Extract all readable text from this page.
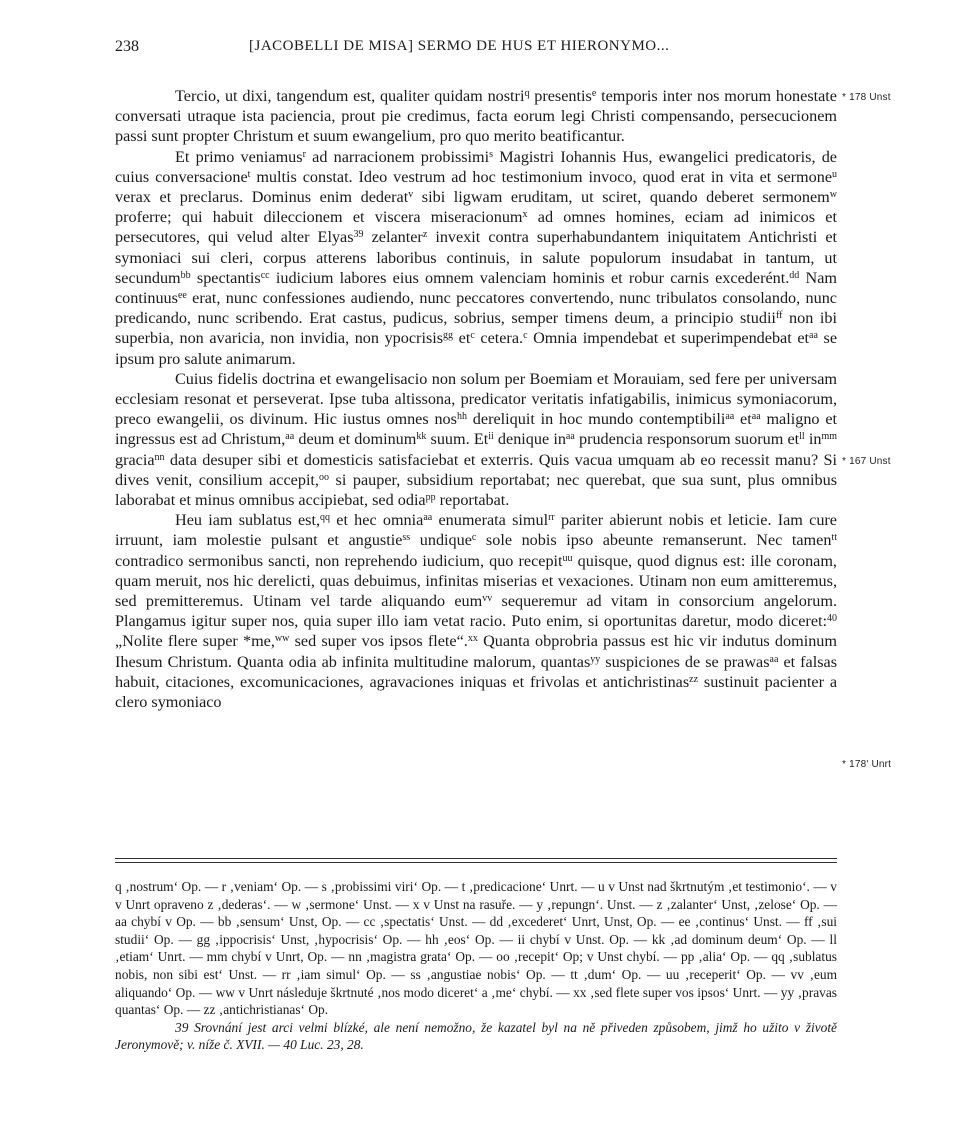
238	[JACOBELLI DE MISA] SERMO DE HUS ET HIERONYMO...
* 178 Unst
* 167 Unst
* 178' Unrt

Tercio, ut dixi, tangendum est, qualiter quidam nostri$^q$ presentis$^e$ temporis inter nos morum honestate conversati utraque ista paciencia, prout pie credimus, facta eorum legi Christi compensando, persecucionem passi sunt propter Christum et suum ewangelium, pro quo merito beatificantur.

Et primo veniamus$^r$ ad narracionem probissimi$^s$ Magistri Iohannis Hus, ewangelici predicatoris, de cuius conversacione$^t$ multis constat. Ideo vestrum ad hoc testimonium invoco, quod erat in vita et sermone$^u$ verax et preclarus. Dominus enim dederat$^v$ sibi ligwam eruditam, ut sciret, quando deberet sermonem$^w$ proferre; qui habuit dileccionem et viscera miseracionum$^x$ ad omnes homines, eciam ad inimicos et persecutores, qui velud alter Elyas$^{39}$ zelanter$^z$ invexit contra superhabundantem iniquitatem Antichristi et symoniaci sui cleri, corpus atterens laboribus continuis, in salute populorum insudabat in tantum, ut secundum$^{bb}$ spectantis$^{cc}$ iudicium labores eius omnem valenciam hominis et robur carnis excederént.$^{dd}$ Nam continuus$^{ee}$ erat, nunc confessiones audiendo, nunc peccatores convertendo, nunc tribulatos consolando, nunc predicando, nunc scribendo. Erat castus, pudicus, sobrius, semper timens deum, a principio studii$^{ff}$ non ibi superbia, non avaricia, non invidia, non ypocrisis$^{gg}$ $et^c$ cetera.$^c$ Omnia impendebat et superimpendebat $et^{aa}$ se ipsum pro salute animarum.

Cuius fidelis doctrina et ewangelisacio non solum per Boemiam et Morauiam, sed fere per universam ecclesiam resonat et perseverat. Ipse tuba altissona, predicator veritatis infatigabilis, inimicus symoniacorum, preco ewangelii, os divinum. Hic iustus omnes nos$^{hh}$ dereliquit in hoc mundo contemptibili$^{aa}$ $et^{aa}$ maligno et ingressus est ad Christum,$^{aa}$ deum et dominum$^{kk}$ suum. Et$^{ii}$ denique $in^{aa}$ prudencia responsorum suorum $et^{ll}$ $in^{mm}$ gracia$^{nn}$ data desuper sibi et domesticis satisfaciebat et exterris. Quis vacua umquam ab eo recessit manu? Si dives venit, consilium accepit,$^{oo}$ si pauper, subsidium reportabat; nec querebat, que sua sunt, plus omnibus laborabat et minus omnibus accipiebat, sed odia$^{pp}$ reportabat.

Heu iam sublatus est,$^{qq}$ et hec omnia$^{aa}$ enumerata simul$^{rr}$ pariter abierunt nobis et leticie. Iam cure irruunt, iam molestie pulsant et angustie$^{ss}$ undique$^c$ sole nobis ipso abeunte remanserunt. Nec tamen$^{tt}$ contradico sermonibus sancti, non reprehendo iudicium, quo recepit$^{uu}$ quisque, quod dignus est: ille coronam, quam meruit, nos hic derelicti, quas debuimus, infinitas miserias et vexaciones. Utinam non eum amitteremus, sed premitteremus. Utinam vel tarde aliquando eum$^{vv}$ sequeremur ad vitam in consorcium angelorum. Plangamus igitur super nos, quia super illo iam vetat racio. Puto enim, si oportunitas daretur, modo diceret:$^{40}$ „Nolite flere super *me,$^{ww}$ sed super vos ipsos flete“.$^{xx}$ Quanta obprobria passus est hic vir indutus dominum Ihesum Christum. Quanta odia ab infinita multitudine malorum, quantas$^{yy}$ suspiciones de se prawas$^{aa}$ et falsas habuit, citaciones, excomunicaciones, agravaciones iniquas et frivolas et antichristinas$^{zz}$ sustinuit pacienter a clero symoniaco

q ‚nostrum‘ Op. — r ‚veniam‘ Op. — s ‚probissimi viri‘ Op. — t ‚predicacione‘ Unrt. — u v Unst nad škrtnutým ‚et testimonio‘. — v v Unrt opraveno z ‚dederas‘. — w ‚sermone‘ Unst. — x v Unst na rasuře. — y ‚repungn‘. Unst. — z ‚zalanter‘ Unst, ‚zelose‘ Op. — aa chybí v Op. — bb ‚sensum‘ Unst, Op. — cc ‚spectatis‘ Unst. — dd ‚excederet‘ Unrt, Unst, Op. — ee ‚continus‘ Unst. — ff ‚sui studii‘ Op. — gg ‚ippocrisis‘ Unst, ‚hypocrisis‘ Op. — hh ‚eos‘ Op. — ii chybí v Unst. Op. — kk ‚ad dominum deum‘ Op. — ll ‚etiam‘ Unrt. — mm chybí v Unrt, Op. — nn ‚magistra grata‘ Op. — oo ‚recepit‘ Op; v Unst chybí. — pp ‚alia‘ Op. — qq ‚sublatus nobis, non sibi est‘ Unst. — rr ‚iam simul‘ Op. — ss ‚angustiae nobis‘ Op. — tt ‚dum‘ Op. — uu ‚receperit‘ Op. — vv ‚eum aliquando‘ Op. — ww v Unrt následuje škrtnuté ‚nos modo diceret‘ a ‚me‘ chybí. — xx ‚sed flete super vos ipsos‘ Unrt. — yy ‚pravas quantas‘ Op. — zz ‚antichristianas‘ Op.

39 Srovnání jest arci velmi blízké, ale není nemožno, že kazatel byl na ně přiveden způsobem, jimž ho užito v životě Jeronymově; v. níže č. XVII. — 40 Luc. 23, 28.
